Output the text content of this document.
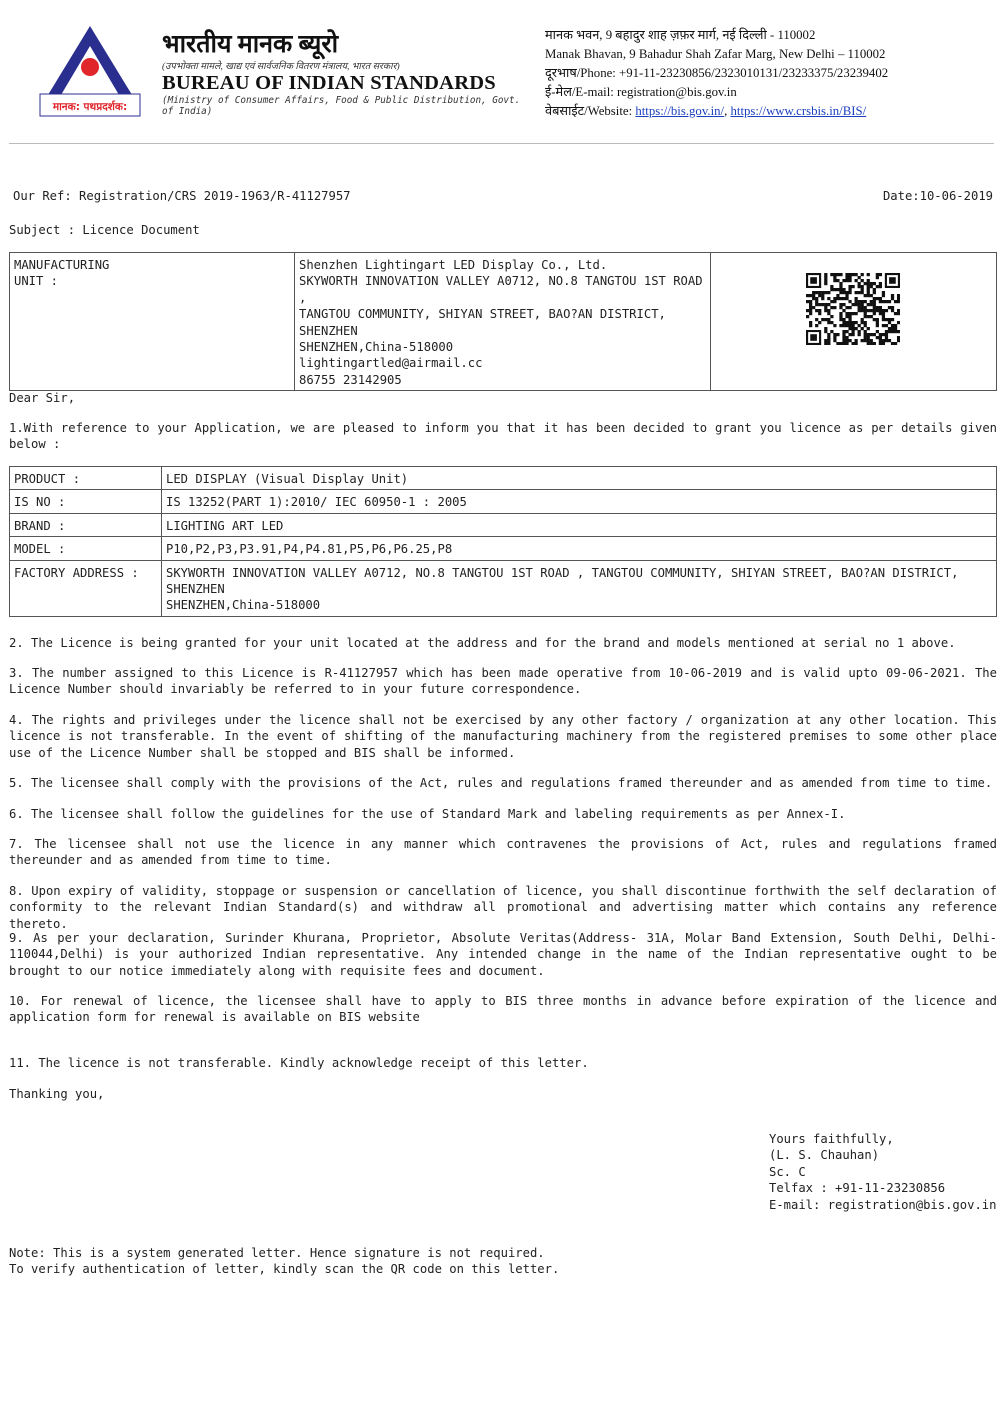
मानक: पथप्रदर्शक:
भारतीय मानक ब्यूरो
(उपभोक्ता मामले, खाद्य एवं सार्वजनिक वितरण मंत्रालय, भारत सरकार)
BUREAU OF INDIAN STANDARDS
(Ministry of Consumer Affairs, Food & Public Distribution, Govt. of India)
मानक भवन, 9 बहादुर शाह ज़फ़र मार्ग, नई दिल्ली - 110002
Manak Bhavan, 9 Bahadur Shah Zafar Marg, New Delhi – 110002
दूरभाष/Phone: +91-11-23230856/2323010131/23233375/23239402
ई-मेल/E-mail: registration@bis.gov.in
वेबसाईट/Website: https://bis.gov.in/, https://www.crsbis.in/BIS/
Our Ref: Registration/CRS 2019-1963/R-41127957	Date:10-06-2019
Subject : Licence Document
MANUFACTURING
UNIT :

Shenzhen Lightingart LED Display Co., Ltd.
SKYWORTH INNOVATION VALLEY A0712, NO.8 TANGTOU 1ST ROAD ,
TANGTOU COMMUNITY, SHIYAN STREET, BAO?AN DISTRICT,
SHENZHEN
SHENZHEN,China-518000
lightingartled@airmail.cc
86755 23142905

Dear Sir,
1.With reference to your Application, we are pleased to inform you that it has been decided to grant you licence as per details given below :
PRODUCT :	LED DISPLAY (Visual Display Unit)
IS NO :	IS 13252(PART 1):2010/ IEC 60950-1 : 2005
BRAND :	LIGHTING ART LED
MODEL :	P10,P2,P3,P3.91,P4,P4.81,P5,P6,P6.25,P8
FACTORY ADDRESS :	SKYWORTH INNOVATION VALLEY A0712, NO.8 TANGTOU 1ST ROAD , TANGTOU COMMUNITY, SHIYAN STREET, BAO?AN DISTRICT,
SHENZHEN
SHENZHEN,China-518000
2. The Licence is being granted for your unit located at the address and for the brand and models mentioned at serial no 1 above.
3. The number assigned to this Licence is R-41127957 which has been made operative from 10-06-2019 and is valid upto 09-06-2021. The Licence Number should invariably be referred to in your future correspondence.
4. The rights and privileges under the licence shall not be exercised by any other factory / organization at any other location. This licence is not transferable. In the event of shifting of the manufacturing machinery from the registered premises to some other place use of the Licence Number shall be stopped and BIS shall be informed.
5. The licensee shall comply with the provisions of the Act, rules and regulations framed thereunder and as amended from time to time.
6. The licensee shall follow the guidelines for the use of Standard Mark and labeling requirements as per Annex-I.
7. The licensee shall not use the licence in any manner which contravenes the provisions of Act, rules and regulations framed thereunder and as amended from time to time.
8. Upon expiry of validity, stoppage or suspension or cancellation of licence, you shall discontinue forthwith the self declaration of conformity to the relevant Indian Standard(s) and withdraw all promotional and advertising matter which contains any reference thereto.
9. As per your declaration, Surinder Khurana, Proprietor, Absolute Veritas(Address- 31A, Molar Band Extension, South Delhi, Delhi-110044,Delhi) is your authorized Indian representative. Any intended change in the name of the Indian representative ought to be brought to our notice immediately along with requisite fees and document.
10. For renewal of licence, the licensee shall have to apply to BIS three months in advance before expiration of the licence and application form for renewal is available on BIS website
11. The licence is not transferable. Kindly acknowledge receipt of this letter.
Thanking you,
Yours faithfully,
(L. S. Chauhan)
Sc. C
Telfax : +91-11-23230856
E-mail: registration@bis.gov.in
Note: This is a system generated letter. Hence signature is not required.
To verify authentication of letter, kindly scan the QR code on this letter.
